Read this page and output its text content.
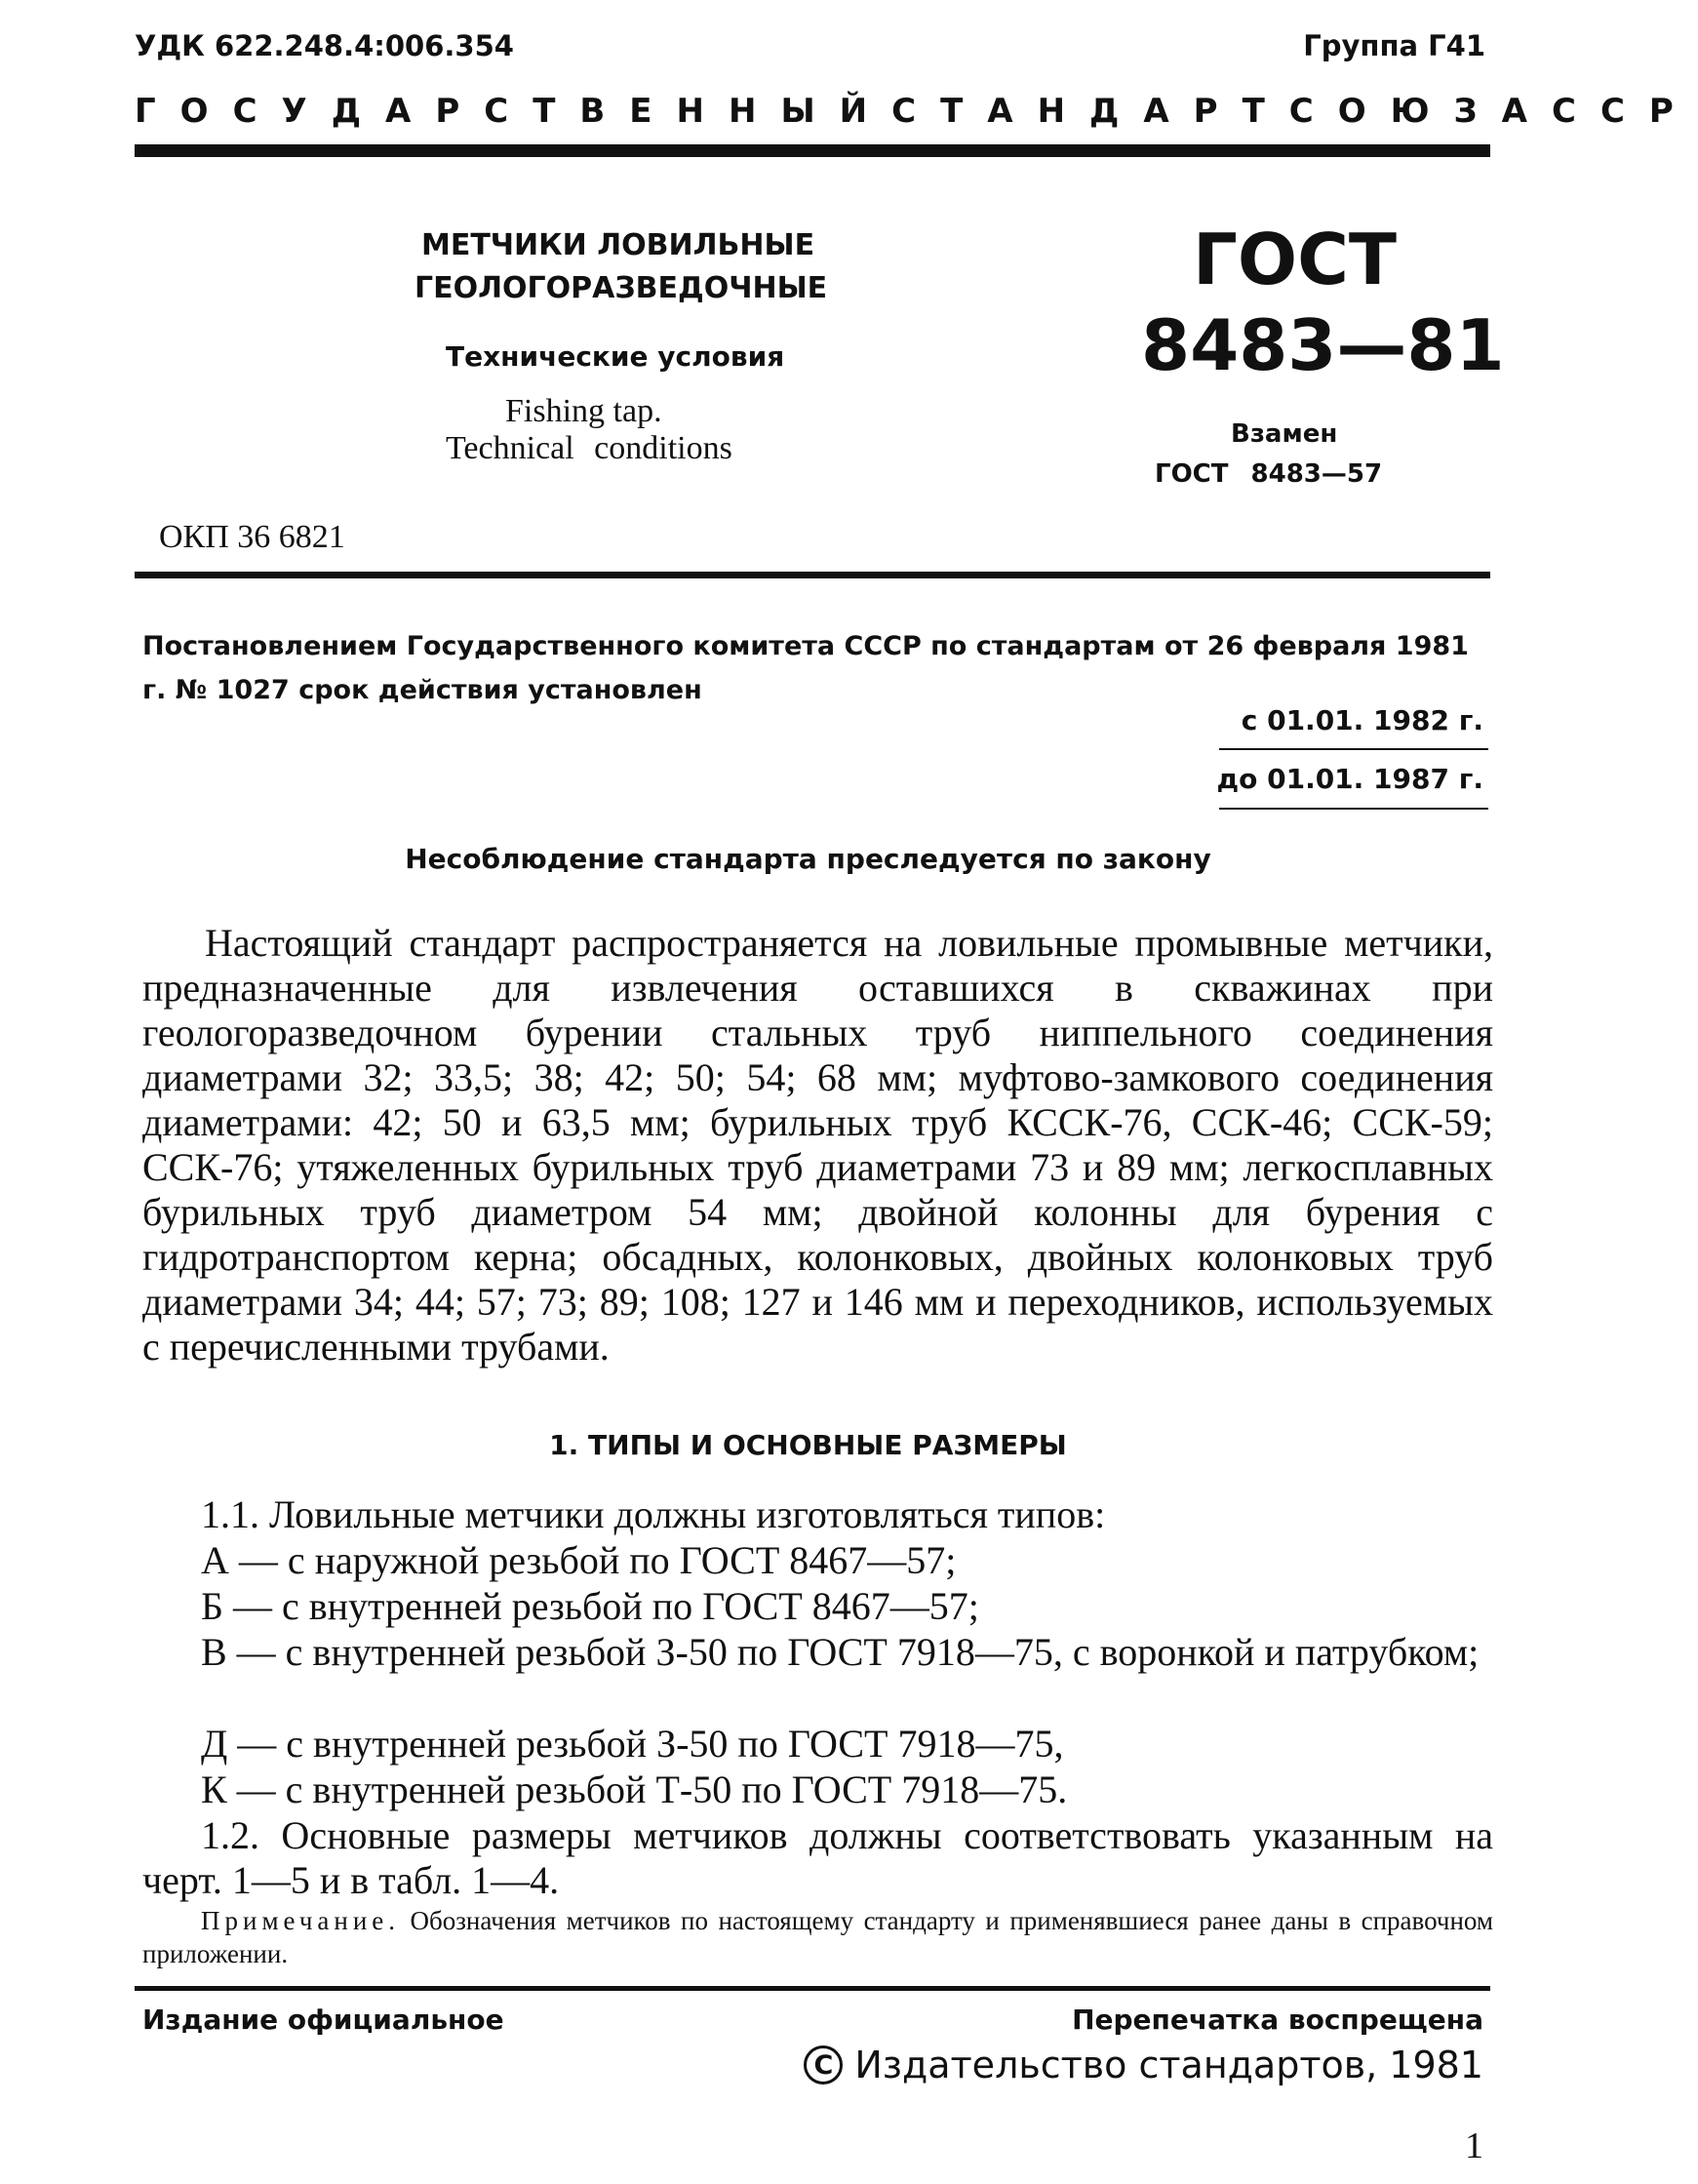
УДК 622.248.4:006.354	Группа Г41
ГОСУДАРСТВЕННЫЙ СТАНДАРТ СОЮЗА ССР
МЕТЧИКИ ЛОВИЛЬНЫЕ
ГЕОЛОГОРАЗВЕДОЧНЫЕ
Технические условия
Fishing tap.
Technical conditions
ГОСТ
8483—81
Взамен
ГОСТ 8483—57
ОКП 36 6821
Постановлением Государственного комитета СССР по стандартам от 26 февраля 1981 г. № 1027 срок действия установлен
с 01.01. 1982 г.
до 01.01. 1987 г.
Несоблюдение стандарта преследуется по закону
Настоящий стандарт распространяется на ловильные промывные метчики, предназначенные для извлечения оставшихся в скважинах при геологоразведочном бурении стальных труб ниппельного соединения диаметрами 32; 33,5; 38; 42; 50; 54; 68 мм; муфтово-замкового соединения диаметрами: 42; 50 и 63,5 мм; бурильных труб КССК-76, ССК-46; ССК-59; ССК-76; утяжеленных бурильных труб диаметрами 73 и 89 мм; легкосплавных бурильных труб диаметром 54 мм; двойной колонны для бурения с гидротранспортом керна; обсадных, колонковых, двойных колонковых труб диаметрами 34; 44; 57; 73; 89; 108; 127 и 146 мм и переходников, используемых с перечисленными трубами.
1. ТИПЫ И ОСНОВНЫЕ РАЗМЕРЫ
1.1. Ловильные метчики должны изготовляться типов:
А — с наружной резьбой по ГОСТ 8467—57;
Б — с внутренней резьбой по ГОСТ 8467—57;
В — с внутренней резьбой З-50 по ГОСТ 7918—75, с воронкой и патрубком;
Д — с внутренней резьбой З-50 по ГОСТ 7918—75,
К — с внутренней резьбой Т-50 по ГОСТ 7918—75.
1.2. Основные размеры метчиков должны соответствовать указанным на черт. 1—5 и в табл. 1—4.
Примечание. Обозначения метчиков по настоящему стандарту и применявшиеся ранее даны в справочном приложении.
Издание официальное	Перепечатка воспрещена
C Издательство стандартов, 1981
1
